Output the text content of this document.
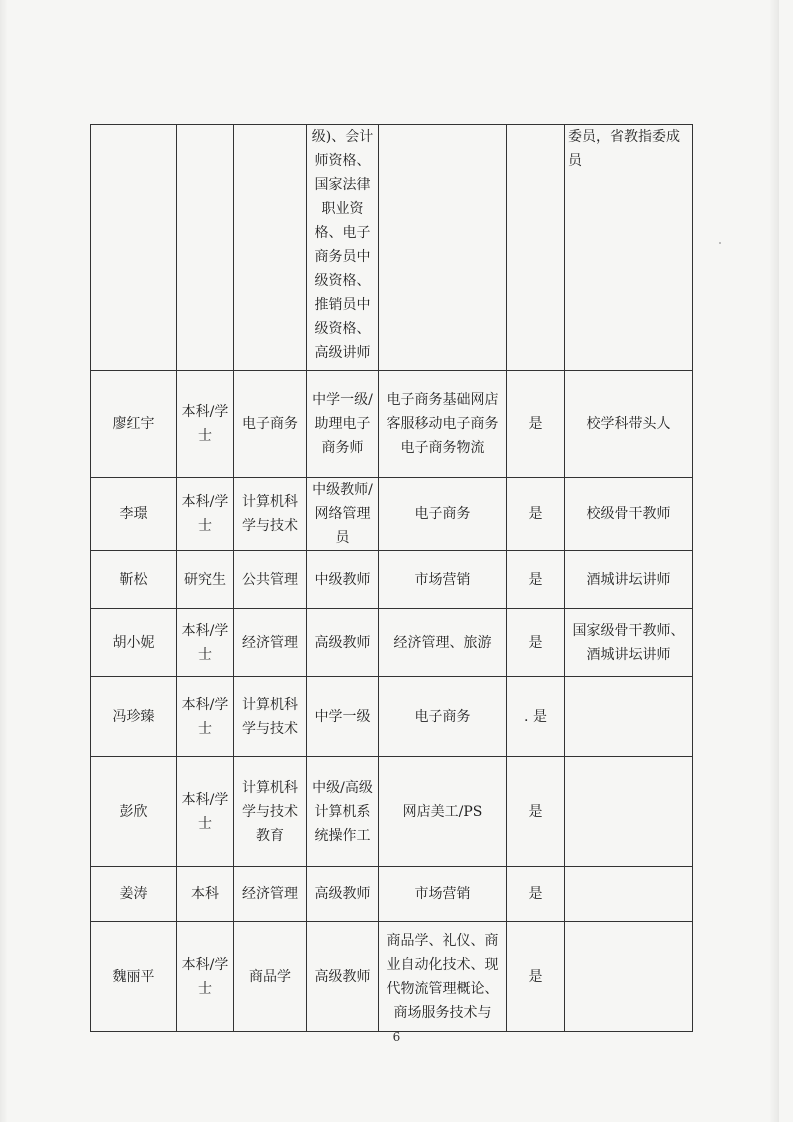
			级)、会计师资格、国家法律职业资格、电子商务员中级资格、推销员中 级资格、高级讲师			委员，省教指委成员
廖红宇	本科/学士	电子商务	中学一级/助理电子商务师	电子商务基础网店客服移动电子商务电子商务物流	是	校学科带头人
李璟	本科/学士	计算机科学与技术	中级教师/网络管理员	电子商务	是	校级骨干教师
靳松	研究生	公共管理	中级教师	市场营销	是	酒城讲坛讲师
胡小妮	本科/学士	经济管理	高级教师	经济管理、旅游	是	国家级骨干教师、酒城讲坛讲师
冯珍臻	本科/学士	计算机科学与技术	中学一级	电子商务	. 是	
彭欣	本科/学士	计算机科学与技术教育	中级/高级计算机系统操作工	网店美工/PS	是	
姜涛	本科	经济管理	高级教师	市场营销	是	
魏丽平	本科/学士	商品学	高级教师	商品学、礼仪、商业自动化技术、现代物流管理概论、商场服务技术与	是	
6
